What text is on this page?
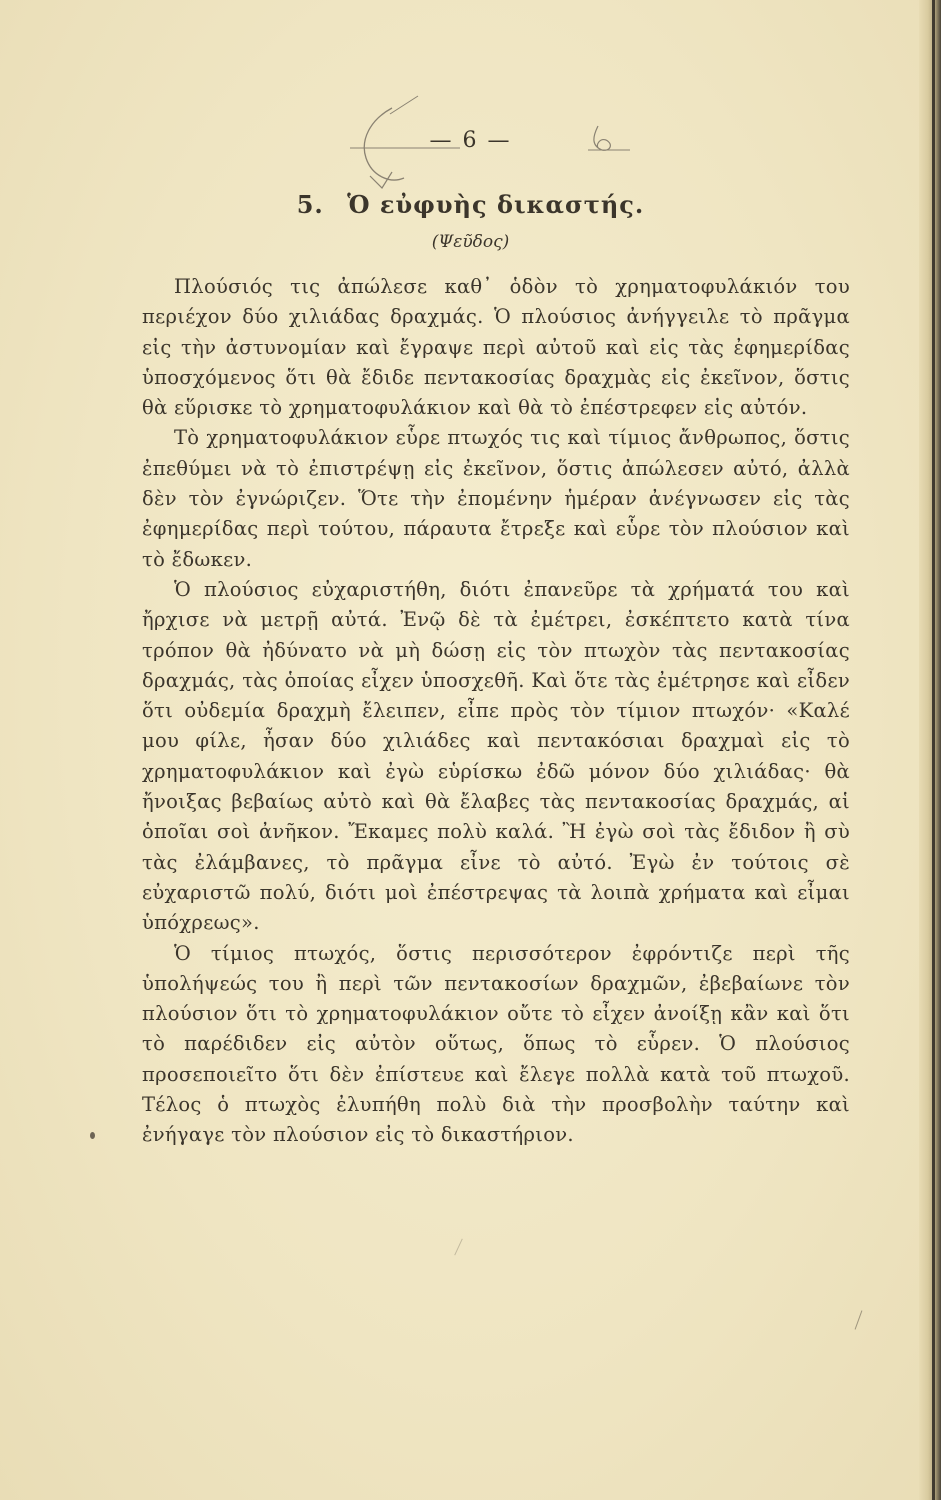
— 6 —
5. Ὁ εὐφυὴς δικαστής.
(Ψεῦδος)

Πλούσιός τις ἀπώλεσε καθ᾿ ὁδὸν τὸ χρηματοφυλάκιόν του περιέχον δύο χιλιάδας δραχμάς. Ὁ πλούσιος ἀνήγγειλε τὸ πρᾶγμα εἰς τὴν ἀστυνομίαν καὶ ἔγραψε περὶ αὐτοῦ καὶ εἰς τὰς ἐφημερίδας ὑποσχόμενος ὅτι θὰ ἔδιδε πεντακοσίας δραχμὰς εἰς ἐκεῖνον, ὅστις θὰ εὕρισκε τὸ χρηματοφυλάκιον καὶ θὰ τὸ ἐπέστρεφεν εἰς αὐτόν.

Τὸ χρηματοφυλάκιον εὗρε πτωχός τις καὶ τίμιος ἄνθρωπος, ὅστις ἐπεθύμει νὰ τὸ ἐπιστρέψῃ εἰς ἐκεῖνον, ὅστις ἀπώλεσεν αὐτό, ἀλλὰ δὲν τὸν ἐγνώριζεν. Ὅτε τὴν ἐπομένην ἡμέραν ἀνέγνωσεν εἰς τὰς ἐφημερίδας περὶ τούτου, πάραυτα ἔτρεξε καὶ εὗρε τὸν πλούσιον καὶ τὸ ἔδωκεν.

Ὁ πλούσιος εὐχαριστήθη, διότι ἐπανεῦρε τὰ χρήματά του καὶ ἤρχισε νὰ μετρῇ αὐτά. Ἐνῷ δὲ τὰ ἐμέτρει, ἐσκέπτετο κατὰ τίνα τρόπον θὰ ἠδύνατο νὰ μὴ δώσῃ εἰς τὸν πτωχὸν τὰς πεντακοσίας δραχμάς, τὰς ὁποίας εἶχεν ὑποσχεθῆ. Καὶ ὅτε τὰς ἐμέτρησε καὶ εἶδεν ὅτι οὐδεμία δραχμὴ ἔλειπεν, εἶπε πρὸς τὸν τίμιον πτωχόν· «Καλέ μου φίλε, ἦσαν δύο χιλιάδες καὶ πεντακόσιαι δραχμαὶ εἰς τὸ χρηματοφυλάκιον καὶ ἐγὼ εὑρίσκω ἐδῶ μόνον δύο χιλιάδας· θὰ ἤνοιξας βεβαίως αὐτὸ καὶ θὰ ἔλαβες τὰς πεντακοσίας δραχμάς, αἱ ὁποῖαι σοὶ ἀνῆκον. Ἔκαμες πολὺ καλά. Ἢ ἐγὼ σοὶ τὰς ἔδιδον ἢ σὺ τὰς ἐλάμβανες, τὸ πρᾶγμα εἶνε τὸ αὐτό. Ἐγὼ ἐν τούτοις σὲ εὐχαριστῶ πολύ, διότι μοὶ ἐπέστρεψας τὰ λοιπὰ χρήματα καὶ εἶμαι ὑπόχρεως».

Ὁ τίμιος πτωχός, ὅστις περισσότερον ἐφρόντιζε περὶ τῆς ὑπολήψεώς του ἢ περὶ τῶν πεντακοσίων δραχμῶν, ἐβεβαίωνε τὸν πλούσιον ὅτι τὸ χρηματοφυλάκιον οὔτε τὸ εἶχεν ἀνοίξῃ κἂν καὶ ὅτι τὸ παρέδιδεν εἰς αὐτὸν οὕτως, ὅπως τὸ εὗρεν. Ὁ πλούσιος προσεποιεῖτο ὅτι δὲν ἐπίστευε καὶ ἔλεγε πολλὰ κατὰ τοῦ πτωχοῦ. Τέλος ὁ πτωχὸς ἐλυπήθη πολὺ διὰ τὴν προσβολὴν ταύτην καὶ ἐνήγαγε τὸν πλούσιον εἰς τὸ δικαστήριον.
